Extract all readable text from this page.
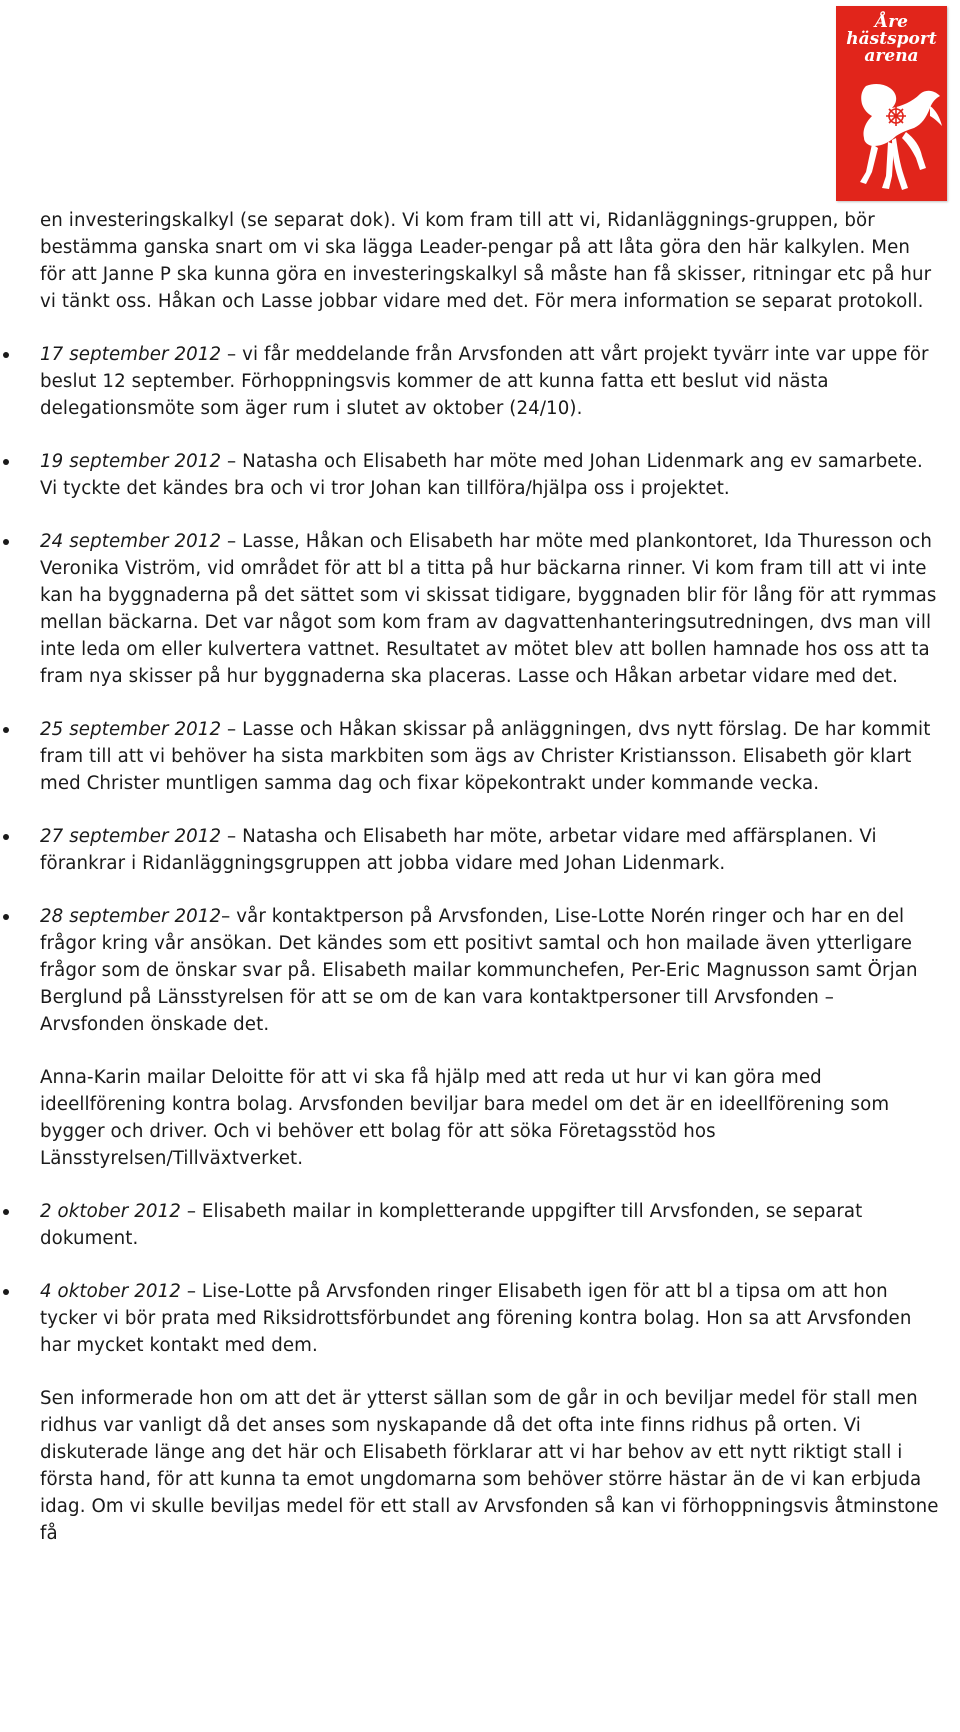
Åre
hästsport
arena

en investeringskalkyl (se separat dok). Vi kom fram till att vi, Ridanläggnings-gruppen, bör bestämma ganska snart om vi ska lägga Leader-pengar på att låta göra den här kalkylen. Men för att Janne P ska kunna göra en investeringskalkyl så måste han få skisser, ritningar etc på hur vi tänkt oss. Håkan och Lasse jobbar vidare med det. För mera information se separat protokoll.

17 september 2012 – vi får meddelande från Arvsfonden att vårt projekt tyvärr inte var uppe för beslut 12 september. Förhoppningsvis kommer de att kunna fatta ett beslut vid nästa delegationsmöte som äger rum i slutet av oktober (24/10).

19 september 2012 – Natasha och Elisabeth har möte med Johan Lidenmark ang ev samarbete. Vi tyckte det kändes bra och vi tror Johan kan tillföra/hjälpa oss i projektet.

24 september 2012 – Lasse, Håkan och Elisabeth har möte med plankontoret, Ida Thuresson och Veronika Viström, vid området för att bl a titta på hur bäckarna rinner. Vi kom fram till att vi inte kan ha byggnaderna på det sättet som vi skissat tidigare, byggnaden blir för lång för att rymmas mellan bäckarna. Det var något som kom fram av dagvattenhanteringsutredningen, dvs man vill inte leda om eller kulvertera vattnet. Resultatet av mötet blev att bollen hamnade hos oss att ta fram nya skisser på hur byggnaderna ska placeras. Lasse och Håkan arbetar vidare med det.

25 september 2012 – Lasse och Håkan skissar på anläggningen, dvs nytt förslag. De har kommit fram till att vi behöver ha sista markbiten som ägs av Christer Kristiansson. Elisabeth gör klart med Christer muntligen samma dag och fixar köpekontrakt under kommande vecka.

27 september 2012 – Natasha och Elisabeth har möte, arbetar vidare med affärsplanen. Vi förankrar i Ridanläggningsgruppen att jobba vidare med Johan Lidenmark.

28 september 2012– vår kontaktperson på Arvsfonden, Lise-Lotte Norén ringer och har en del frågor kring vår ansökan. Det kändes som ett positivt samtal och hon mailade även ytterligare frågor som de önskar svar på. Elisabeth mailar kommunchefen, Per-Eric Magnusson samt Örjan Berglund på Länsstyrelsen för att se om de kan vara kontaktpersoner till Arvsfonden – Arvsfonden önskade det.

Anna-Karin mailar Deloitte för att vi ska få hjälp med att reda ut hur vi kan göra med ideellförening kontra bolag. Arvsfonden beviljar bara medel om det är en ideellförening som bygger och driver. Och vi behöver ett bolag för att söka Företagsstöd hos Länsstyrelsen/Tillväxtverket.

2 oktober 2012 – Elisabeth mailar in kompletterande uppgifter till Arvsfonden, se separat dokument.

4 oktober 2012 – Lise-Lotte på Arvsfonden ringer Elisabeth igen för att bl a tipsa om att hon tycker vi bör prata med Riksidrottsförbundet ang förening kontra bolag. Hon sa att Arvsfonden har mycket kontakt med dem.

Sen informerade hon om att det är ytterst sällan som de går in och beviljar medel för stall men ridhus var vanligt då det anses som nyskapande då det ofta inte finns ridhus på orten. Vi diskuterade länge ang det här och Elisabeth förklarar att vi har behov av ett nytt riktigt stall i första hand, för att kunna ta emot ungdomarna som behöver större hästar än de vi kan erbjuda idag. Om vi skulle beviljas medel för ett stall av Arvsfonden så kan vi förhoppningsvis åtminstone få
